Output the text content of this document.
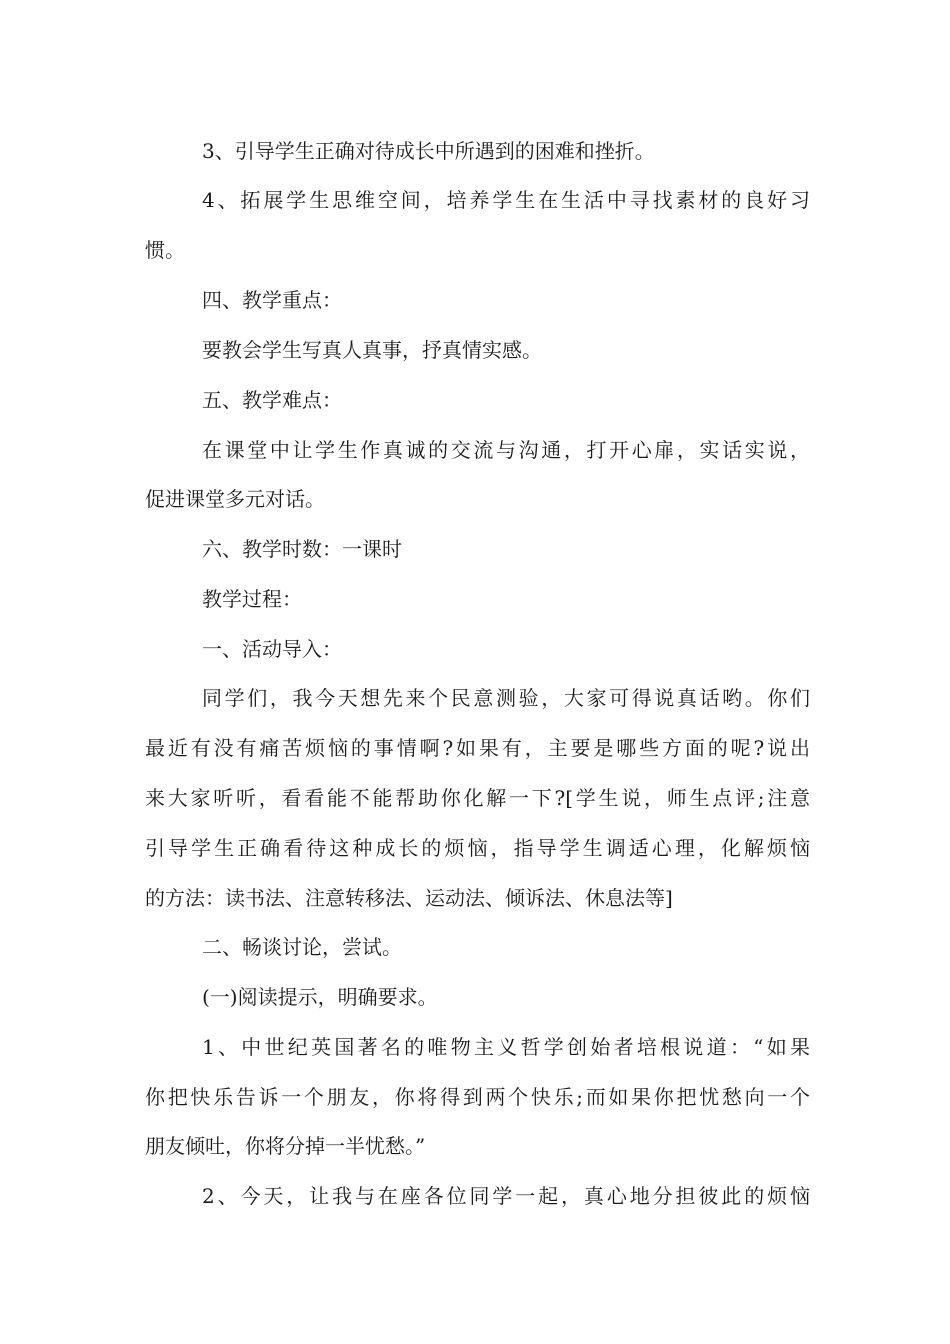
3、引导学生正确对待成长中所遇到的困难和挫折。
4、拓展学生思维空间，培养学生在生活中寻找素材的良好习
惯。
四、教学重点：
要教会学生写真人真事，抒真情实感。
五、教学难点：
在课堂中让学生作真诚的交流与沟通，打开心扉，实话实说，
促进课堂多元对话。
六、教学时数：一课时
教学过程：
一、活动导入：
同学们，我今天想先来个民意测验，大家可得说真话哟。你们
最近有没有痛苦烦恼的事情啊?如果有，主要是哪些方面的呢?说出
来大家听听，看看能不能帮助你化解一下?[学生说，师生点评;注意
引导学生正确看待这种成长的烦恼，指导学生调适心理，化解烦恼
的方法：读书法、注意转移法、运动法、倾诉法、休息法等]
二、畅谈讨论，尝试。
(一)阅读提示，明确要求。
1、中世纪英国著名的唯物主义哲学创始者培根说道：“如果
你把快乐告诉一个朋友，你将得到两个快乐;而如果你把忧愁向一个
朋友倾吐，你将分掉一半忧愁。”
2、今天，让我与在座各位同学一起，真心地分担彼此的烦恼
